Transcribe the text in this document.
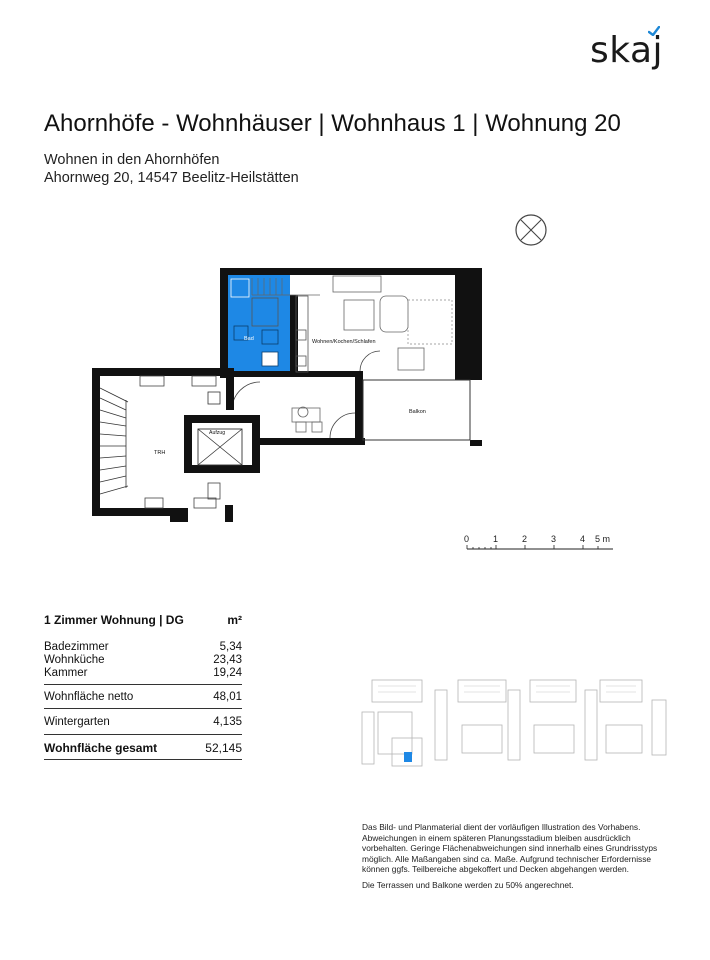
skaj
Ahornhöfe - Wohnhäuser | Wohnhaus 1 | Wohnung 20
Wohnen in den Ahornhöfen
Ahornweg 20, 14547 Beelitz-Heilstätten
Bad	Wohnen/Kochen/Schlafen
Balkon
TRH
Aufzug
0	1	2	3	4 5 m
1 Zimmer Wohnung | DG	m²
Badezimmer	5,34
Wohnküche	23,43
Kammer	19,24
Wohnfläche netto	48,01
Wintergarten	4,135
Wohnfläche gesamt	52,145

Das Bild- und Planmaterial dient der vorläufigen Illustration des Vorhabens. Abweichungen in einem späteren Planungsstadium bleiben ausdrücklich vorbehalten. Geringe Flächenabweichungen sind innerhalb eines Grundrisstyps möglich. Alle Maßangaben sind ca. Maße. Aufgrund technischer Erfordernisse können ggfs. Teilbereiche abgekoffert und Decken abgehangen werden.

Die Terrassen und Balkone werden zu 50% angerechnet.
